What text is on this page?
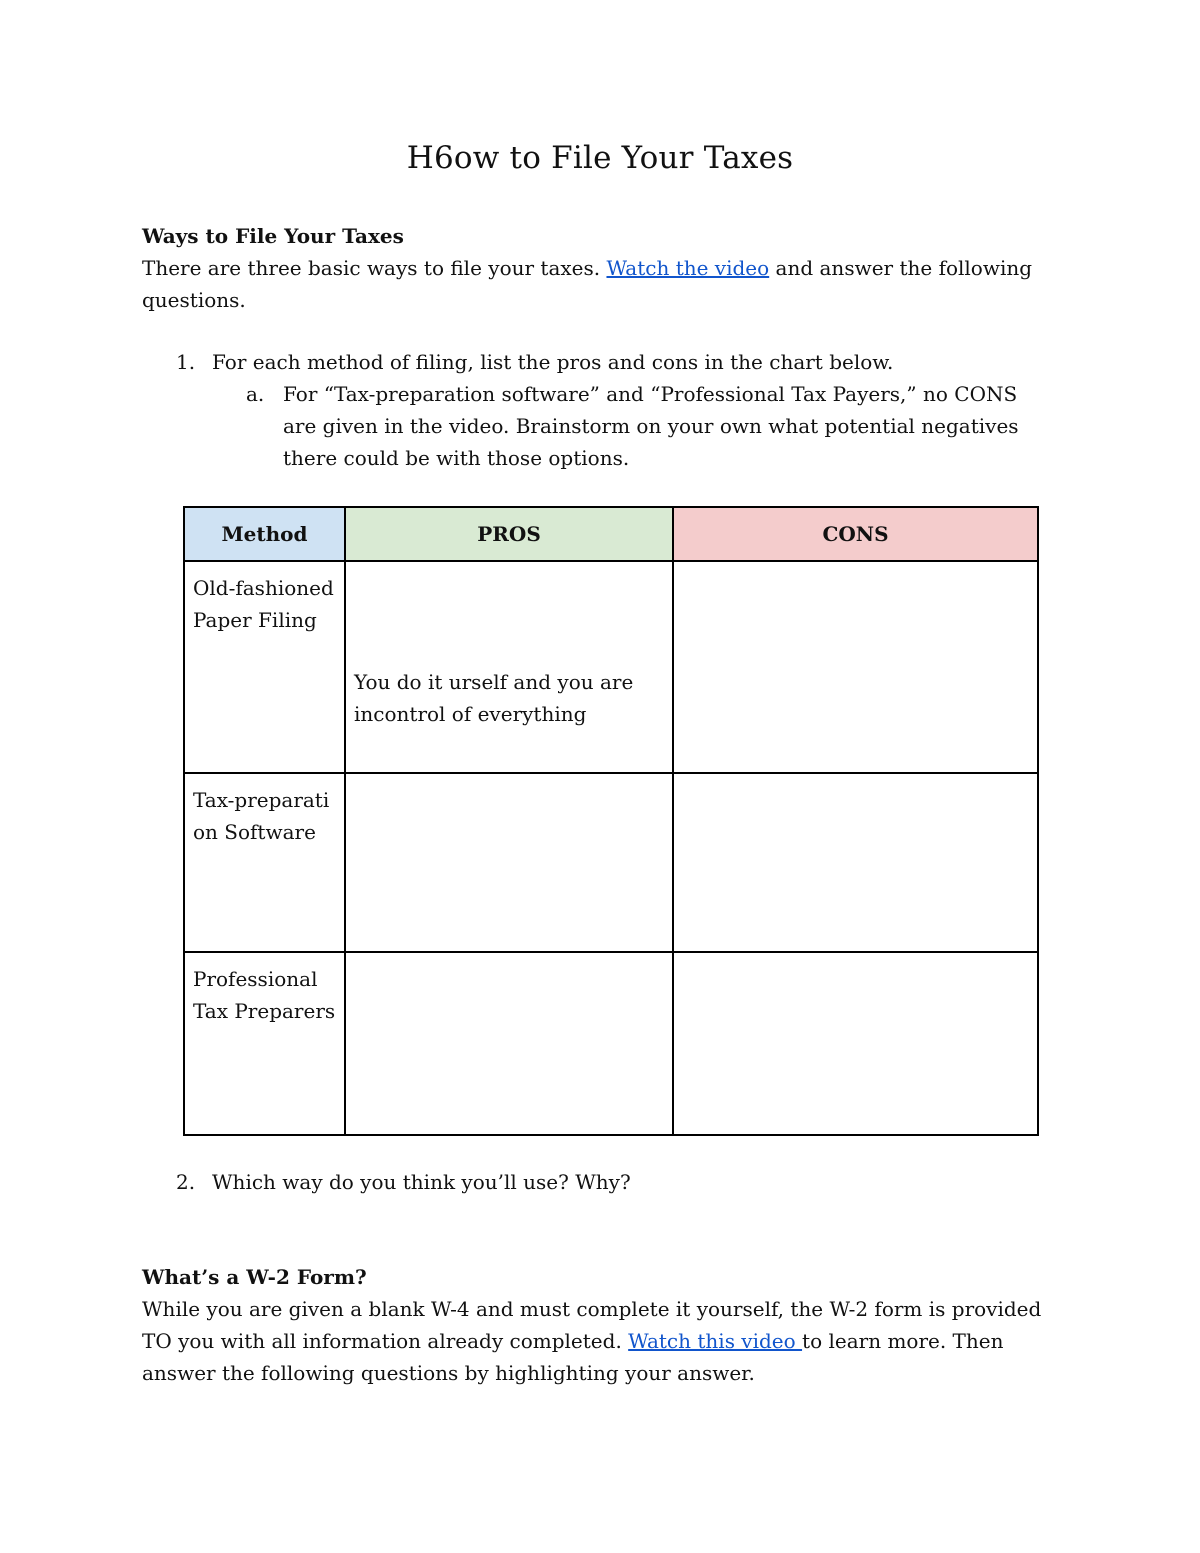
H6ow to File Your Taxes
Ways to File Your Taxes
There are three basic ways to file your taxes. Watch the video and answer the following questions.
1. For each method of filing, list the pros and cons in the chart below.
a. For “Tax-preparation software” and “Professional Tax Payers,” no CONS are given in the video. Brainstorm on your own what potential negatives there could be with those options.
Method	PROS	CONS
Old-fashioned Paper Filing	You do it urself and you are incontrol of everything	

Tax-preparati on Software		
Professional Tax Preparers		
2. Which way do you think you’ll use? Why?
What’s a W-2 Form?
While you are given a blank W-4 and must complete it yourself, the W-2 form is provided TO you with all information already completed. Watch this video to learn more. Then answer the following questions by highlighting your answer.
